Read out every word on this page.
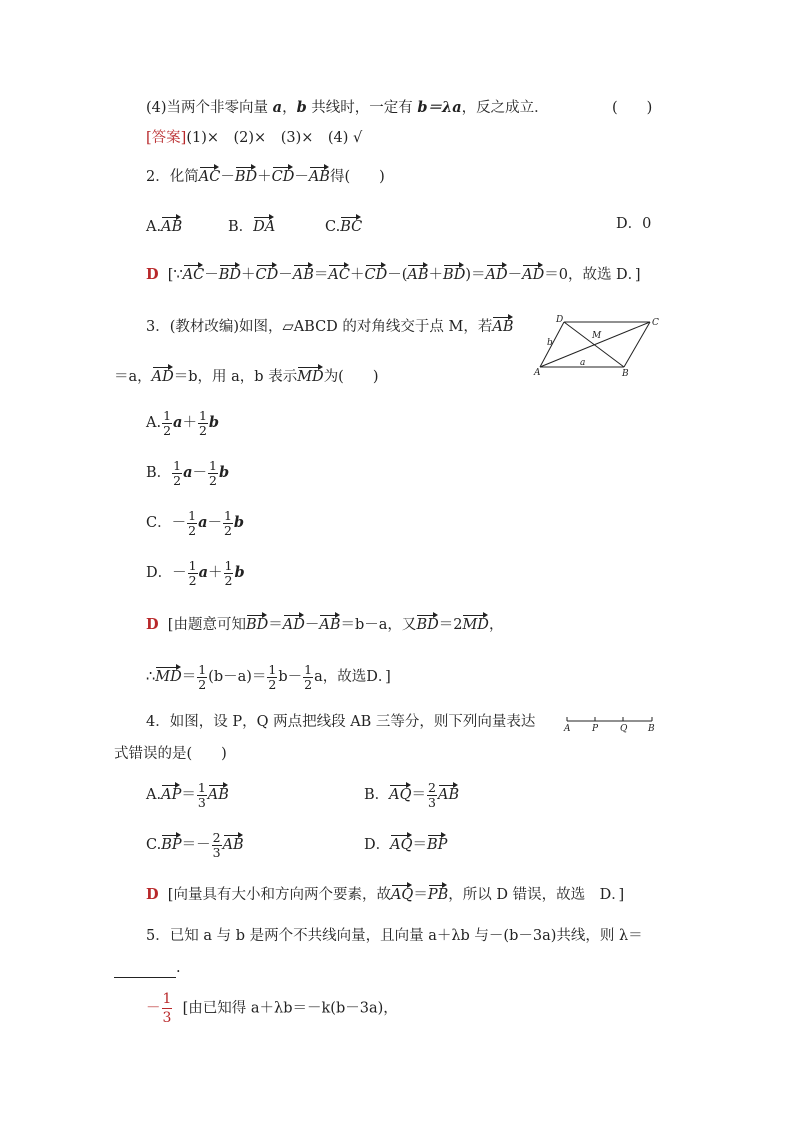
(4)当两个非零向量 a，b 共线时，一定有 b＝λa，反之成立．	(　　)
[答案](1)×　(2)×　(3)×　(4) √
2．化简AC－BD＋CD－AB得(　　)
A.AB	B．DA	C.BC	D．0
D [∵AC－BD＋CD－AB＝AC＋CD－(AB＋BD)＝AD－AD＝0，故选 D．]
3．(教材改编)如图，▱ABCD 的对角线交于点 M，若AB
＝a，AD＝b，用 a，b 表示MD为(　　)
D	C
M
b
A
a
B
A. $\frac{1}{2} a+ \frac{1}{2}$ b
B． $\frac{1}{2} a- \frac{1}{2}$ b
C．－ $\frac{1}{2} a- \frac{1}{2}$ b
D．－ $\frac{1}{2} a+ \frac{1}{2}$ b
D [由题意可知BD＝AD－AB＝b－a，又BD＝2MD，
∴MD＝ $\frac{1}{2} (b-a)= \frac{1}{2} b- \frac{1}{2}$ a，故选D．]
4．如图，设 P，Q 两点把线段 AB 三等分，则下列向量表达
式错误的是(　　)
A P Q B
$A.AP= \frac{1}{3}$ AB	B．$AQ= \frac{2}{3}$ AB
$C.BP=- \frac{2}{3}$ AB	D．AQ＝BP
D [向量具有大小和方向两个要素，故AQ＝PB，所以 D 错误，故选　D．]
5．已知 a 与 b 是两个不共线向量，且向量 a＋λb 与－(b－3a)共线，则 λ＝
.
－ $\frac{1}{3}$ [由已知得 a＋λb＝－k(b－3a)，
